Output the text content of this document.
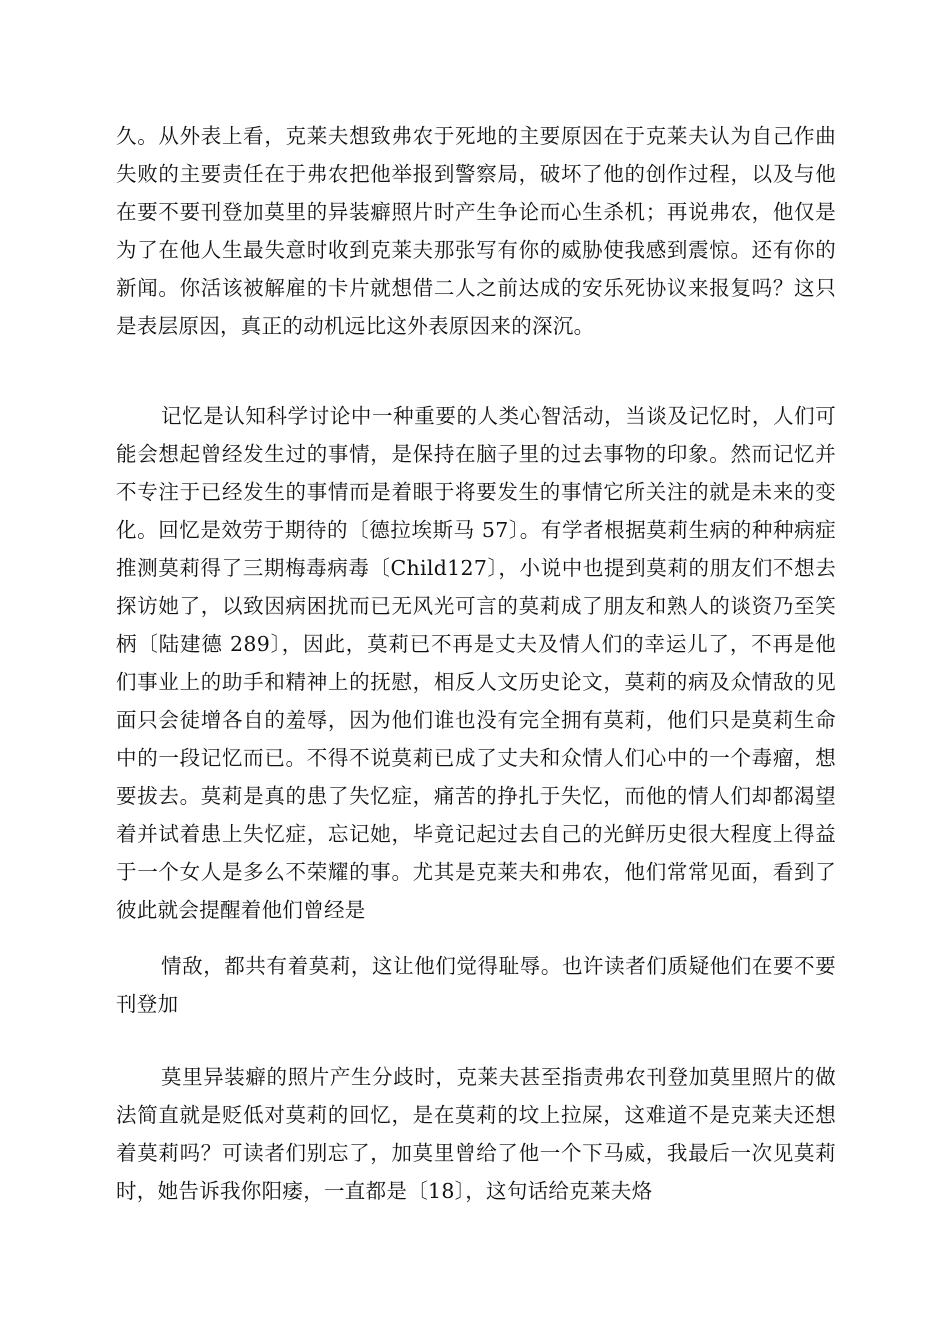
久。从外表上看，克莱夫想致弗农于死地的主要原因在于克莱夫认为自己作曲失败的主要责任在于弗农把他举报到警察局，破坏了他的创作过程，以及与他在要不要刊登加莫里的异装癖照片时产生争论而心生杀机；再说弗农，他仅是为了在他人生最失意时收到克莱夫那张写有你的威胁使我感到震惊。还有你的新闻。你活该被解雇的卡片就想借二人之前达成的安乐死协议来报复吗？这只是表层原因，真正的动机远比这外表原因来的深沉。

记忆是认知科学讨论中一种重要的人类心智活动，当谈及记忆时，人们可能会想起曾经发生过的事情，是保持在脑子里的过去事物的印象。然而记忆并不专注于已经发生的事情而是着眼于将要发生的事情它所关注的就是未来的变化。回忆是效劳于期待的〔德拉埃斯马 57〕。有学者根据莫莉生病的种种病症推测莫莉得了三期梅毒病毒〔Child127〕，小说中也提到莫莉的朋友们不想去探访她了，以致因病困扰而已无风光可言的莫莉成了朋友和熟人的谈资乃至笑柄〔陆建德 289〕，因此，莫莉已不再是丈夫及情人们的幸运儿了，不再是他们事业上的助手和精神上的抚慰，相反人文历史论文，莫莉的病及众情敌的见面只会徒增各自的羞辱，因为他们谁也没有完全拥有莫莉，他们只是莫莉生命中的一段记忆而已。不得不说莫莉已成了丈夫和众情人们心中的一个毒瘤，想要拔去。莫莉是真的患了失忆症，痛苦的挣扎于失忆，而他的情人们却都渴望着并试着患上失忆症，忘记她，毕竟记起过去自己的光鲜历史很大程度上得益于一个女人是多么不荣耀的事。尤其是克莱夫和弗农，他们常常见面，看到了彼此就会提醒着他们曾经是

情敌，都共有着莫莉，这让他们觉得耻辱。也许读者们质疑他们在要不要刊登加

莫里异装癖的照片产生分歧时，克莱夫甚至指责弗农刊登加莫里照片的做法简直就是贬低对莫莉的回忆，是在莫莉的坟上拉屎，这难道不是克莱夫还想着莫莉吗？可读者们别忘了，加莫里曾给了他一个下马威，我最后一次见莫莉时，她告诉我你阳痿，一直都是〔18〕，这句话给克莱夫烙
